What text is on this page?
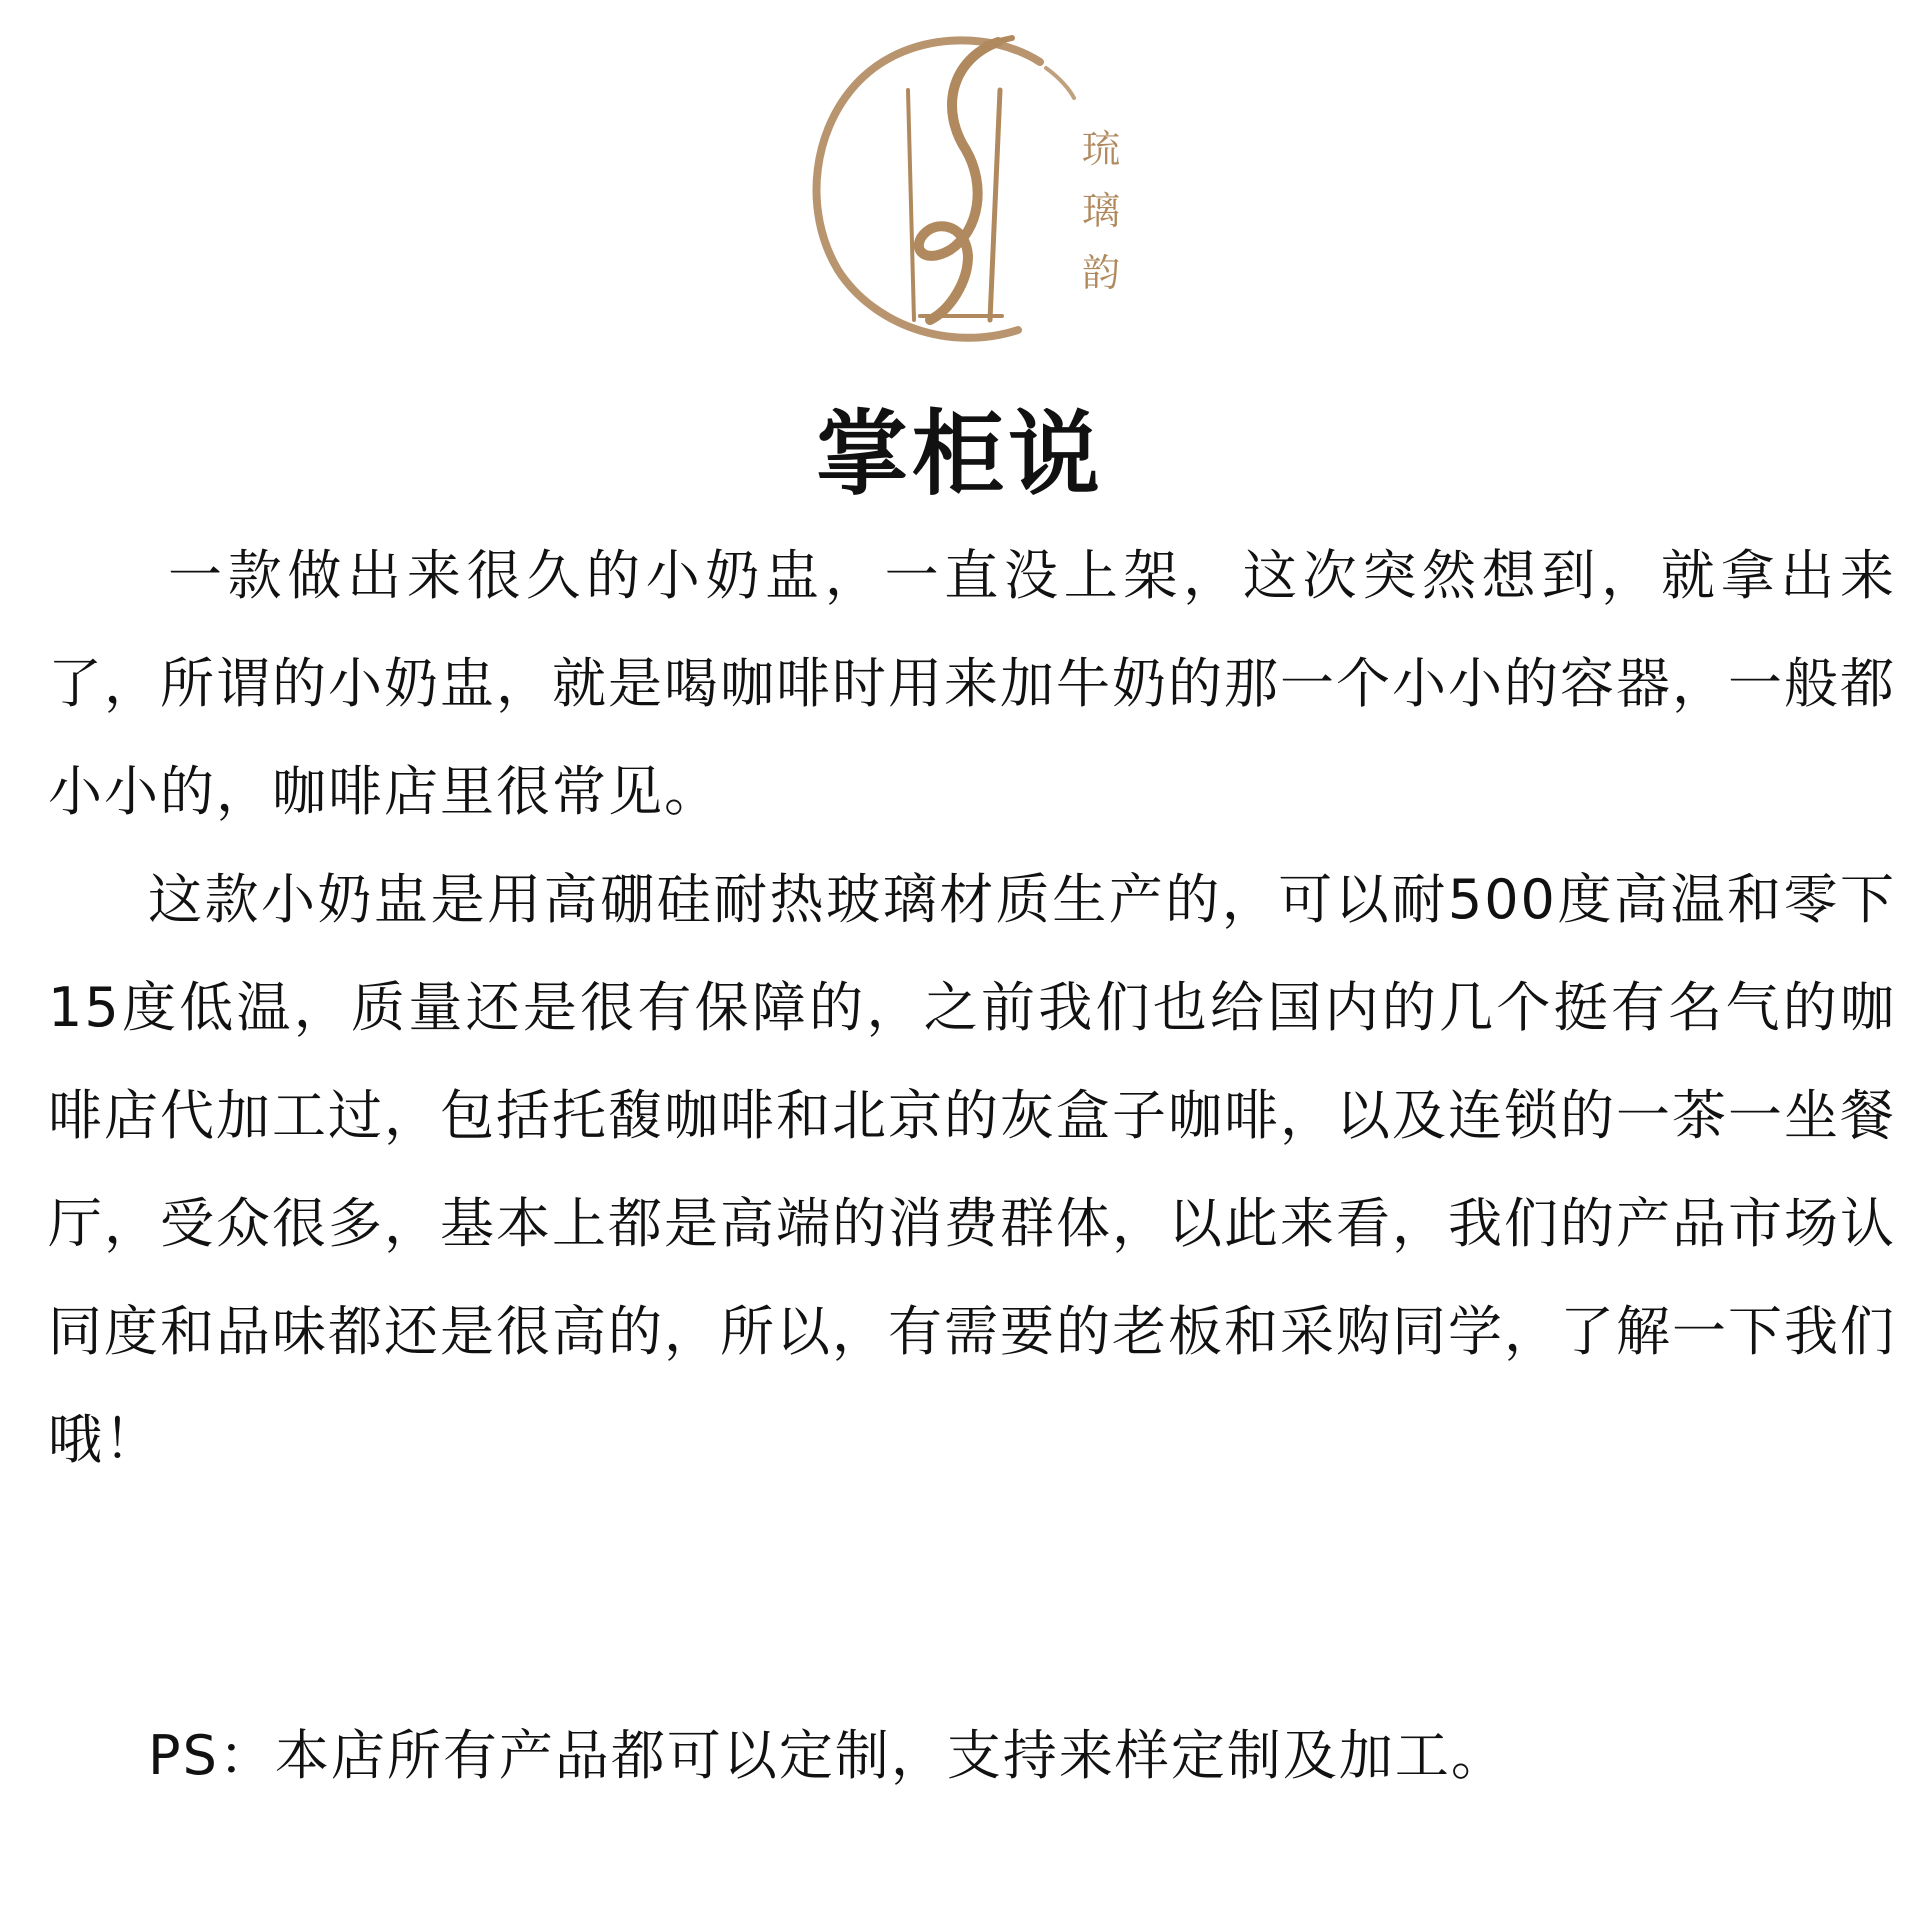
琉
璃
韵
掌柜说

一款做出来很久的小奶盅，一直没上架，这次突然想到，就拿出来了，所谓的小奶盅，就是喝咖啡时用来加牛奶的那一个小小的容器，一般都小小的，咖啡店里很常见。

这款小奶盅是用高硼硅耐热玻璃材质生产的，可以耐500度高温和零下15度低温，质量还是很有保障的，之前我们也给国内的几个挺有名气的咖啡店代加工过，包括托馥咖啡和北京的灰盒子咖啡，以及连锁的一茶一坐餐厅，受众很多，基本上都是高端的消费群体，以此来看，我们的产品市场认同度和品味都还是很高的，所以，有需要的老板和采购同学，了解一下我们哦！

PS：本店所有产品都可以定制，支持来样定制及加工。
